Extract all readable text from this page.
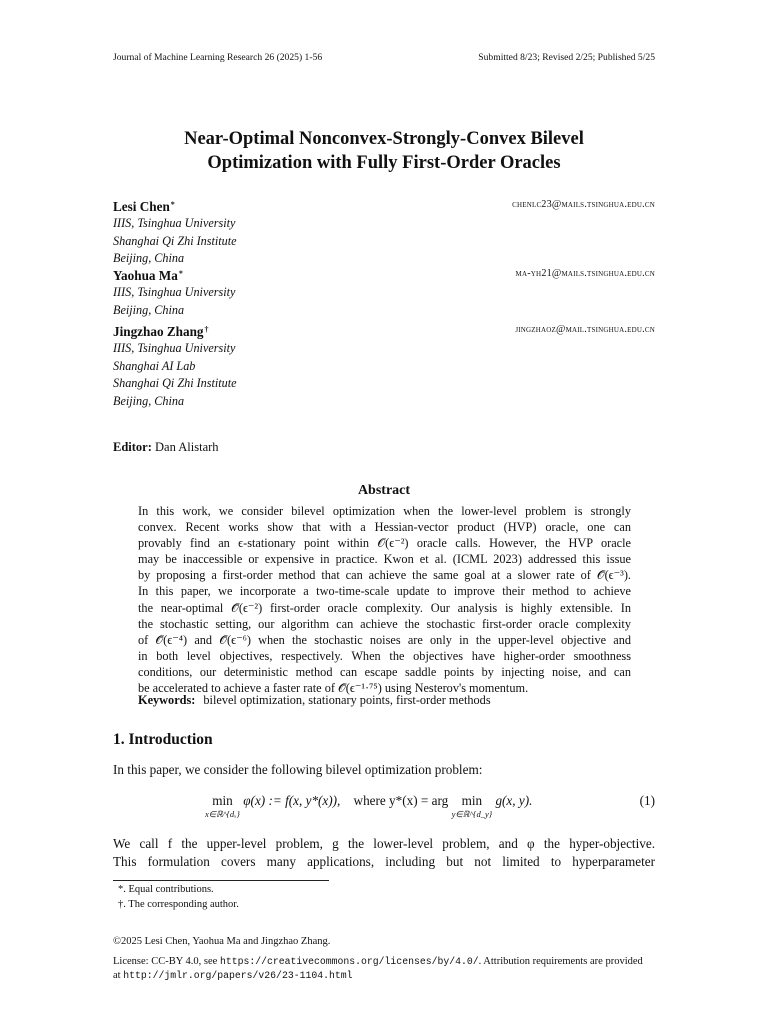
Journal of Machine Learning Research 26 (2025) 1-56	Submitted 8/23; Revised 2/25; Published 5/25
Near-Optimal Nonconvex-Strongly-Convex Bilevel
Optimization with Fully First-Order Oracles
Lesi Chen*	chenlc23@mails.tsinghua.edu.cn
IIIS, Tsinghua University
Shanghai Qi Zhi Institute
Beijing, China
Yaohua Ma*	ma-yh21@mails.tsinghua.edu.cn
IIIS, Tsinghua University
Beijing, China
Jingzhao Zhang†	jingzhaoz@mail.tsinghua.edu.cn
IIIS, Tsinghua University
Shanghai AI Lab
Shanghai Qi Zhi Institute
Beijing, China
Editor: Dan Alistarh
Abstract
In this work, we consider bilevel optimization when the lower-level problem is strongly
convex. Recent works show that with a Hessian-vector product (HVP) oracle, one can
provably find an ϵ-stationary point within 𝒪(ϵ⁻²) oracle calls. However, the HVP oracle
may be inaccessible or expensive in practice. Kwon et al. (ICML 2023) addressed this issue
by proposing a first-order method that can achieve the same goal at a slower rate of 𝒪̃(ϵ⁻³).
In this paper, we incorporate a two-time-scale update to improve their method to achieve
the near-optimal 𝒪̃(ϵ⁻²) first-order oracle complexity. Our analysis is highly extensible. In
the stochastic setting, our algorithm can achieve the stochastic first-order oracle complexity
of 𝒪̃(ϵ⁻⁴) and 𝒪̃(ϵ⁻⁶) when the stochastic noises are only in the upper-level objective and
in both level objectives, respectively. When the objectives have higher-order smoothness
conditions, our deterministic method can escape saddle points by injecting noise, and can
be accelerated to achieve a faster rate of 𝒪̃(ϵ⁻¹·⁷⁵) using Nesterov's momentum.
Keywords: bilevel optimization, stationary points, first-order methods
1. Introduction
In this paper, we consider the following bilevel optimization problem:
min
x∈ℝ^{dₓ}
φ(x) := f(x, y*(x)), where y*(x) = arg	min
y∈ℝ^{d_y}
g(x, y).	(1)
We call f the upper-level problem, g the lower-level problem, and φ the hyper-objective.
This formulation covers many applications, including but not limited to hyperparameter
*. Equal contributions.
†. The corresponding author.
©2025 Lesi Chen, Yaohua Ma and Jingzhao Zhang.
License: CC-BY 4.0, see https://creativecommons.org/licenses/by/4.0/. Attribution requirements are provided
at http://jmlr.org/papers/v26/23-1104.html
